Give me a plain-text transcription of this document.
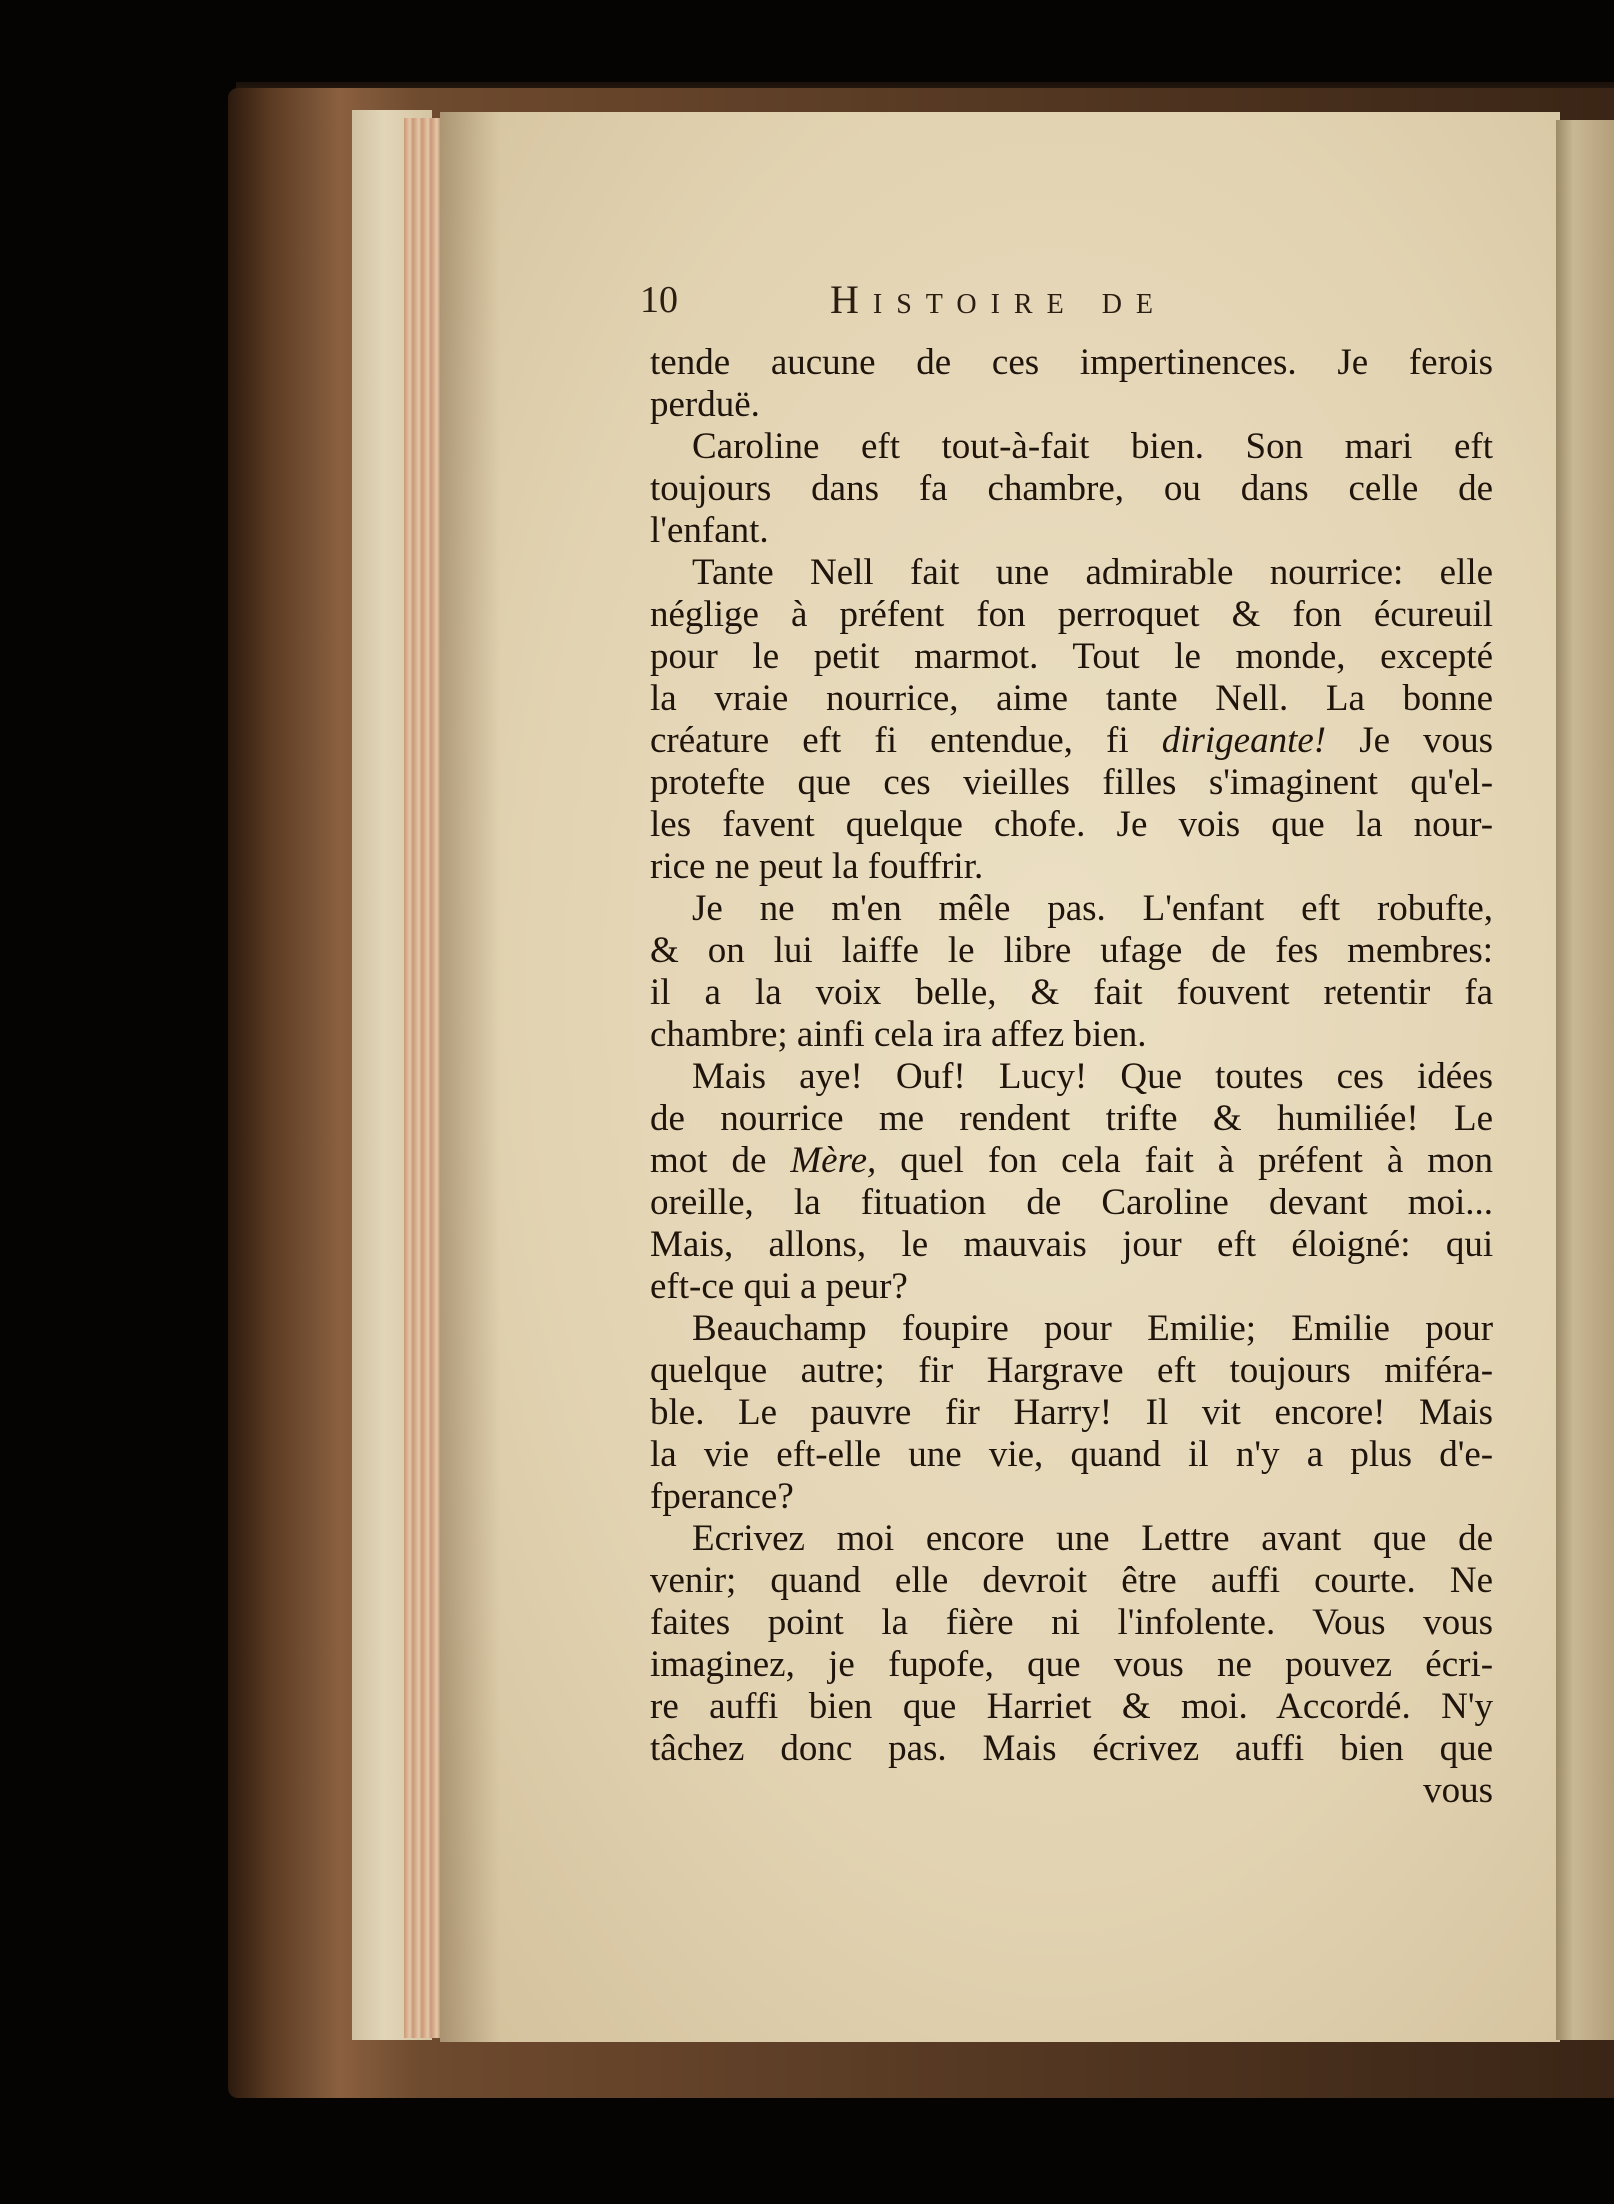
10	Histoire de
tende aucune de ces impertinences. Je ferois
perduë.
Caroline eft tout-à-fait bien. Son mari eft
toujours dans fa chambre, ou dans celle de
l'enfant.
Tante Nell fait une admirable nourrice: elle
néglige à préfent fon perroquet & fon écureuil
pour le petit marmot. Tout le monde, excepté
la vraie nourrice, aime tante Nell. La bonne
créature eft fi entendue, fi dirigeante! Je vous
protefte que ces vieilles filles s'imaginent qu'el-
les favent quelque chofe. Je vois que la nour-
rice ne peut la fouffrir.
Je ne m'en mêle pas. L'enfant eft robufte,
& on lui laiffe le libre ufage de fes membres:
il a la voix belle, & fait fouvent retentir fa
chambre; ainfi cela ira affez bien.
Mais aye! Ouf! Lucy! Que toutes ces idées
de nourrice me rendent trifte & humiliée! Le
mot de Mère, quel fon cela fait à préfent à mon
oreille, la fituation de Caroline devant moi...
Mais, allons, le mauvais jour eft éloigné: qui
eft-ce qui a peur?
Beauchamp foupire pour Emilie; Emilie pour
quelque autre; fir Hargrave eft toujours miféra-
ble. Le pauvre fir Harry! Il vit encore! Mais
la vie eft-elle une vie, quand il n'y a plus d'e-
fperance?
Ecrivez moi encore une Lettre avant que de
venir; quand elle devroit être auffi courte. Ne
faites point la fière ni l'infolente. Vous vous
imaginez, je fupofe, que vous ne pouvez écri-
re auffi bien que Harriet & moi. Accordé. N'y
tâchez donc pas. Mais écrivez auffi bien que
vous
